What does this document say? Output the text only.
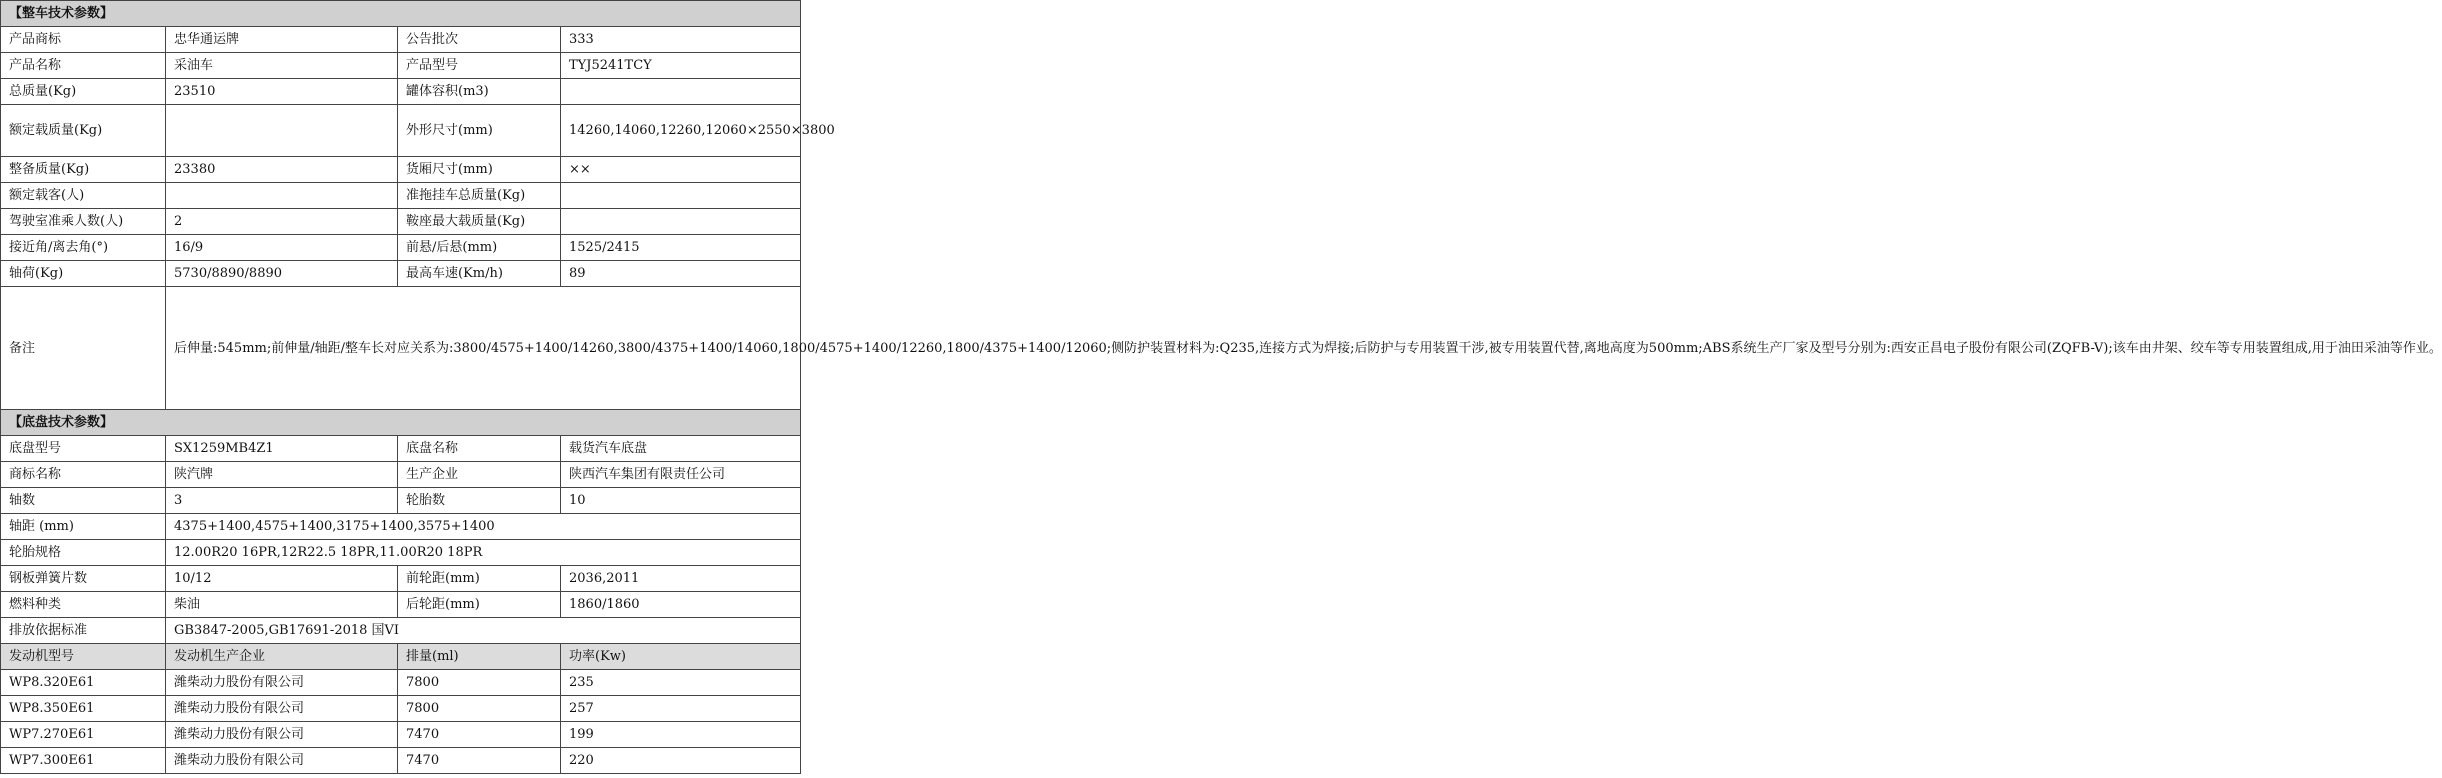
【整车技术参数】			
产品商标	忠华通运牌	公告批次	333
产品名称	采油车	产品型号	TYJ5241TCY
总质量(Kg)	23510	罐体容积(m3)	
额定载质量(Kg)		外形尺寸(mm)	14260,14060,12260,12060×2550×3800
整备质量(Kg)	23380	货厢尺寸(mm)	××
额定载客(人)		准拖挂车总质量(Kg)	
驾驶室准乘人数(人)	2	鞍座最大载质量(Kg)	
接近角/离去角(°)	16/9	前悬/后悬(mm)	1525/2415
轴荷(Kg)	5730/8890/8890	最高车速(Km/h)	89
备注	后伸量:545mm;前伸量/轴距/整车长对应关系为:3800/4575+1400/14260,3800/4375+1400/14060,1800/4575+1400/12260,1800/4375+1400/12060;侧防护装置材料为:Q235,连接方式为焊接;后防护与专用装置干涉,被专用装置代替,离地高度为500mm;ABS系统生产厂家及型号分别为:西安正昌电子股份有限公司(ZQFB-V);该车由井架、绞车等专用装置组成,用于油田采油等作业。		
【底盘技术参数】			
底盘型号	SX1259MB4Z1	底盘名称	载货汽车底盘
商标名称	陕汽牌	生产企业	陕西汽车集团有限责任公司
轴数	3	轮胎数	10
轴距 (mm)	4375+1400,4575+1400,3175+1400,3575+1400		
轮胎规格	12.00R20 16PR,12R22.5 18PR,11.00R20 18PR		
钢板弹簧片数	10/12	前轮距(mm)	2036,2011
燃料种类	柴油	后轮距(mm)	1860/1860
排放依据标准	GB3847-2005,GB17691-2018 国VI		
发动机型号	发动机生产企业	排量(ml)	功率(Kw)
WP8.320E61	潍柴动力股份有限公司	7800	235
WP8.350E61	潍柴动力股份有限公司	7800	257
WP7.270E61	潍柴动力股份有限公司	7470	199
WP7.300E61	潍柴动力股份有限公司	7470	220
